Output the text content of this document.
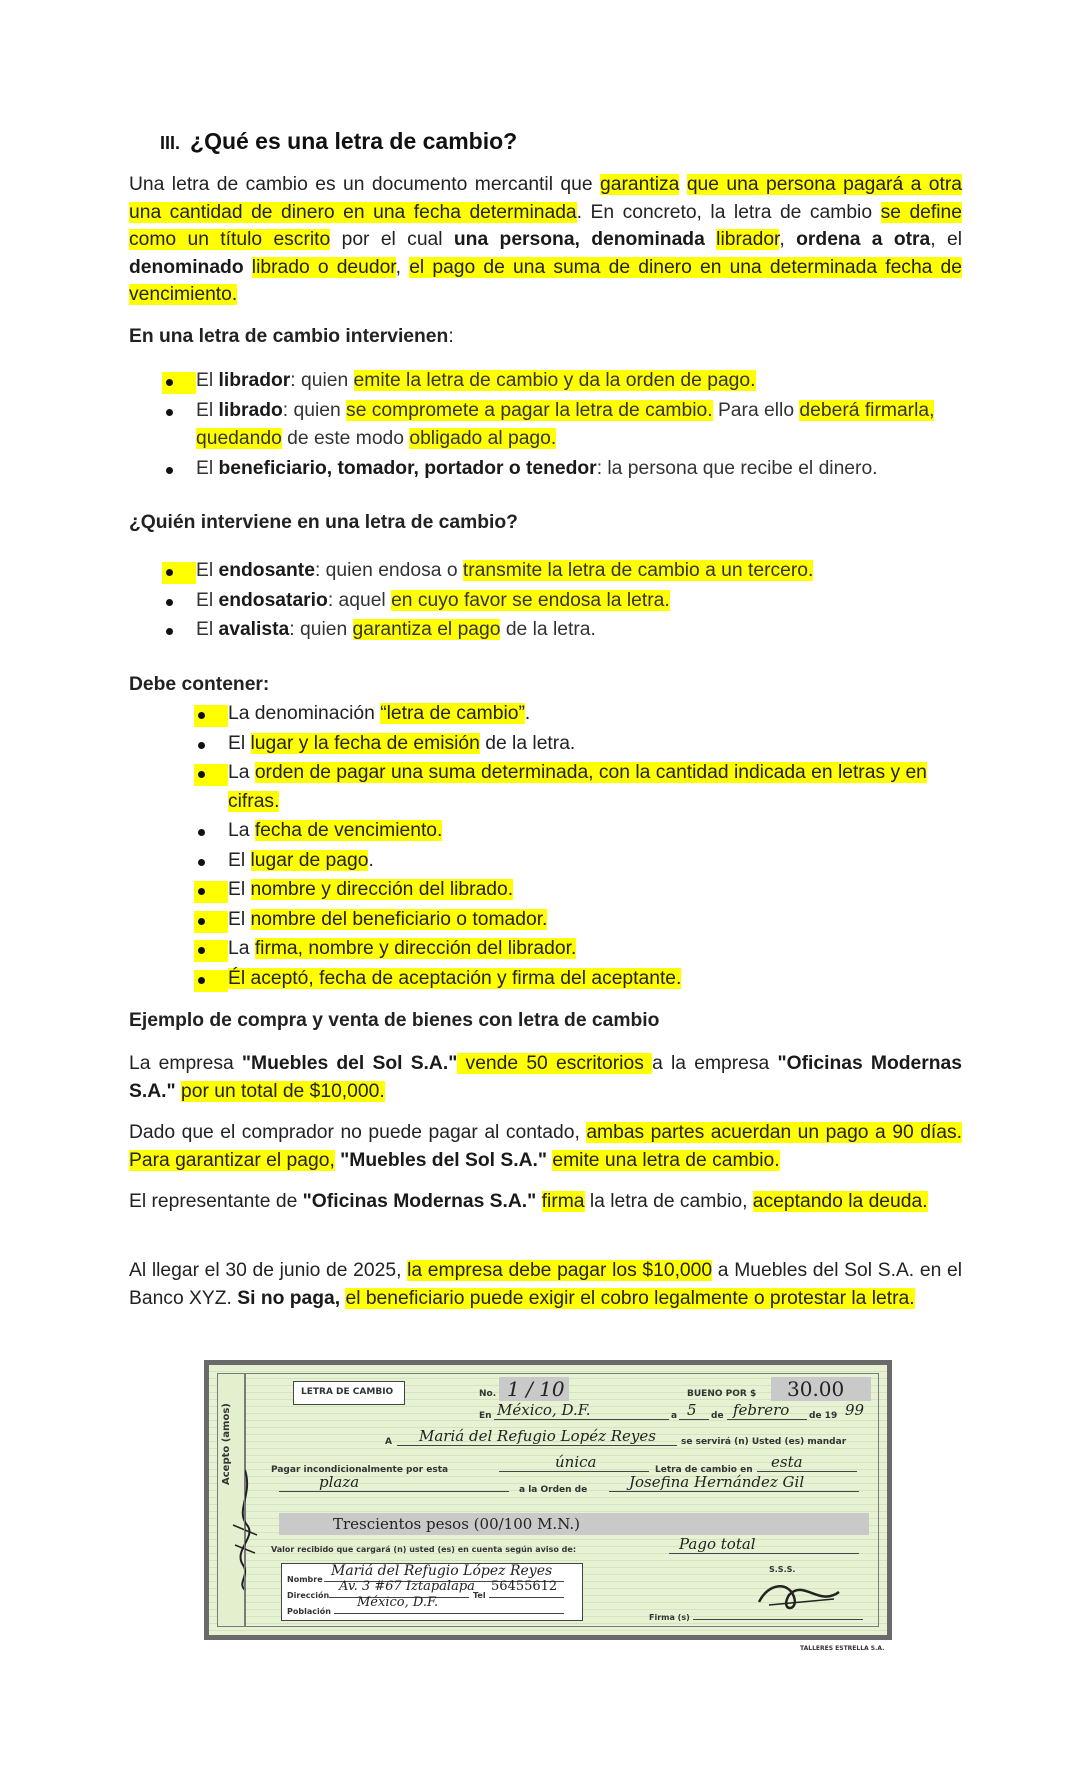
III. ¿Qué es una letra de cambio?

Una letra de cambio es un documento mercantil que garantiza que una persona pagará a otra una cantidad de dinero en una fecha determinada. En concreto, la letra de cambio se define como un título escrito por el cual una persona, denominada librador, ordena a otra, el denominado librado o deudor, el pago de una suma de dinero en una determinada fecha de vencimiento.

En una letra de cambio intervienen:
El librador: quien emite la letra de cambio y da la orden de pago.
El librado: quien se compromete a pagar la letra de cambio. Para ello deberá firmarla, quedando de este modo obligado al pago.
El beneficiario, tomador, portador o tenedor: la persona que recibe el dinero.
¿Quién interviene en una letra de cambio?
El endosante: quien endosa o transmite la letra de cambio a un tercero.
El endosatario: aquel en cuyo favor se endosa la letra.
El avalista: quien garantiza el pago de la letra.
Debe contener:
La denominación “letra de cambio”.
El lugar y la fecha de emisión de la letra.
La orden de pagar una suma determinada, con la cantidad indicada en letras y en cifras.
La fecha de vencimiento.
El lugar de pago.
El nombre y dirección del librado.
El nombre del beneficiario o tomador.
La firma, nombre y dirección del librador.
Él aceptó, fecha de aceptación y firma del aceptante.
Ejemplo de compra y venta de bienes con letra de cambio

La empresa "Muebles del Sol S.A." vende 50 escritorios a la empresa "Oficinas Modernas S.A." por un total de $10,000.

Dado que el comprador no puede pagar al contado, ambas partes acuerdan un pago a 90 días. Para garantizar el pago, "Muebles del Sol S.A." emite una letra de cambio.

El representante de "Oficinas Modernas S.A." firma la letra de cambio, aceptando la deuda.

Al llegar el 30 de junio de 2025, la empresa debe pagar los $10,000 a Muebles del Sol S.A. en el Banco XYZ. Si no paga, el beneficiario puede exigir el cobro legalmente o protestar la letra.

Acepto (amos)
LETRA DE CAMBIO	No. 1 / 10	BUENO POR $ 30.00
En México, D.F.	a 5 de febrero de 19 99
A Mariá del Refugio Lopéz Reyes	se servirá (n) Usted (es) mandar
Pagar incondicionalmente por esta	única	Letra de cambio en esta
plaza	a la Orden de	Josefina Hernández Gil
Trescientos pesos (00/100 M.N.)
Valor recibido que cargará (n) usted (es) en cuenta según aviso de:	Pago total
Nombre
Mariá del Refugio López Reyes
Dirección
Av. 3 #67 Iztapalapa
Tel
56455612
Población
México, D.F.
S.S.S.
Firma (s)
TALLERES ESTRELLA S.A.
